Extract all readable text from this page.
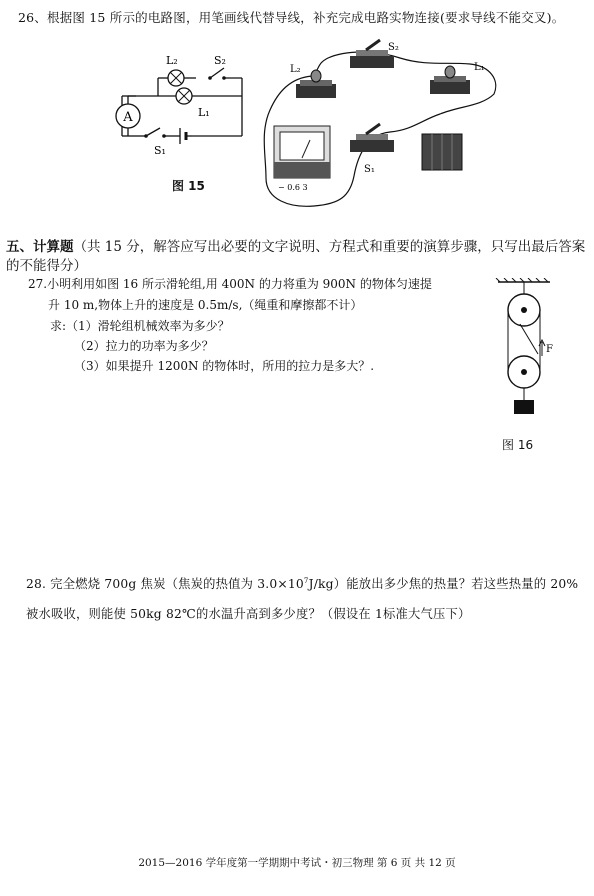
26、根据图 15 所示的电路图，用笔画线代替导线，补充完成电路实物连接(要求导线不能交叉)。
A
L₂	S₂
L₁
S₁
图 15
L₂
S₂
L₁
− 0.6 3
S₁
五、计算题（共 15 分，解答应写出必要的文字说明、方程式和重要的演算步骤，只写出最后答案的不能得分）
27.小明利用如图 16 所示滑轮组,用 400N 的力将重为 900N 的物体匀速提
升 10 m,物体上升的速度是 0.5m/s,（绳重和摩擦都不计）
求:（1）滑轮组机械效率为多少？
（2）拉力的功率为多少？
（3）如果提升 1200N 的物体时，所用的拉力是多大？.
F
图 16
28. 完全燃烧 700g 焦炭（焦炭的热值为 $3.0\times 10^7J/kg$）能放出多少焦的热量？若这些热量的 20%
被水吸收，则能使 50kg 82℃的水温升高到多少度？（假设在 1标准大气压下）
2015—2016 学年度第一学期期中考试・初三物理 第 6 页 共 12 页
